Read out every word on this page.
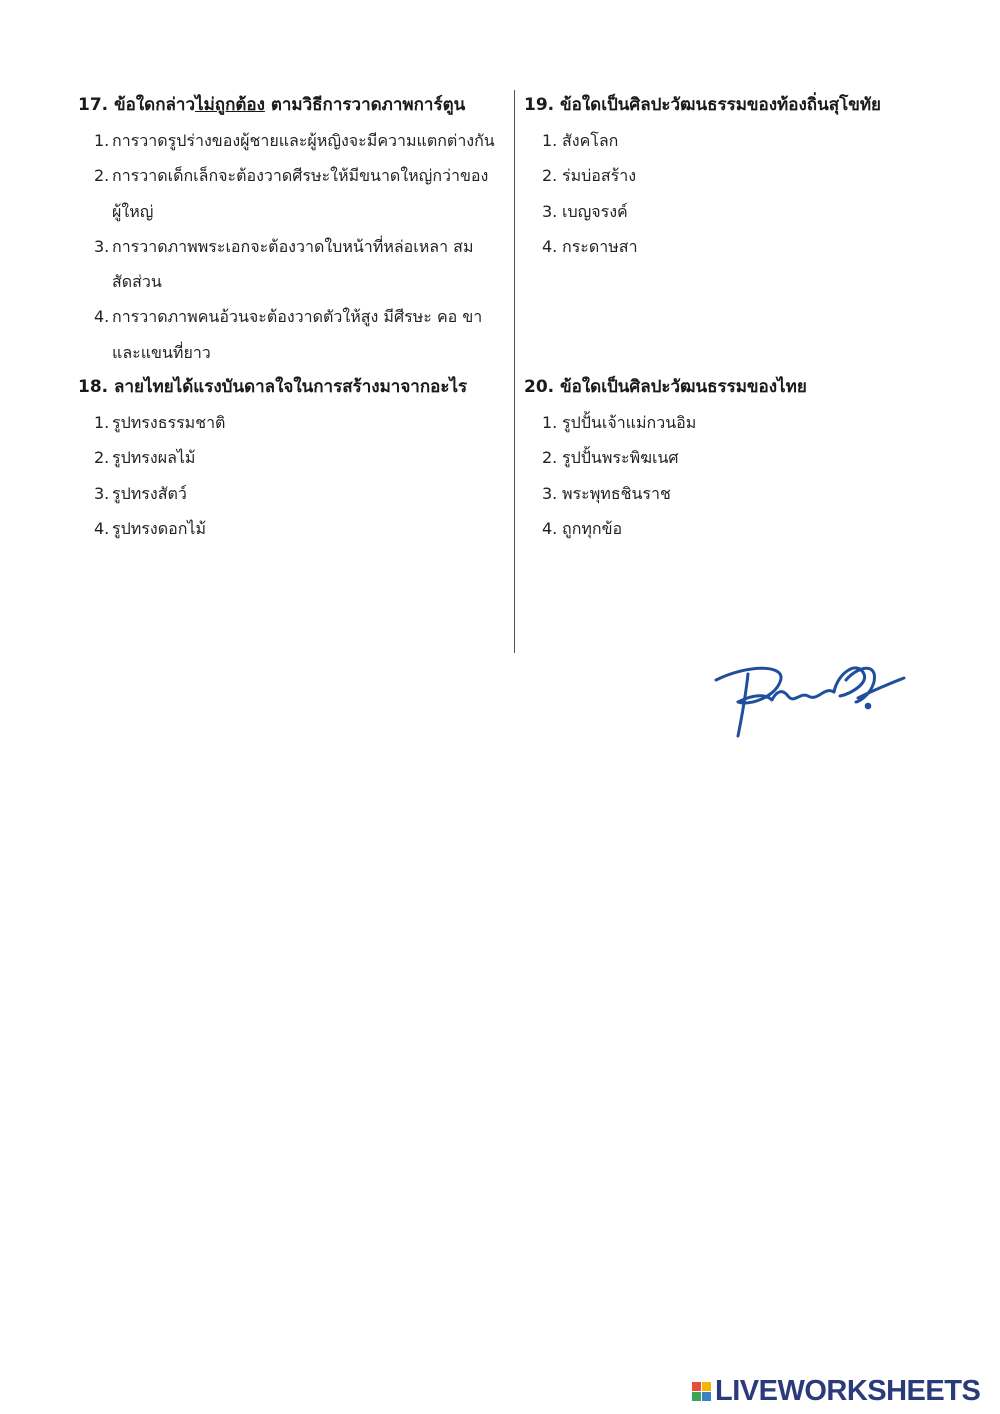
17. ข้อใดกล่าวไม่ถูกต้อง ตามวิธีการวาดภาพการ์ตูน
1. การวาดรูปร่างของผู้ชายและผู้หญิงจะมีความแตกต่างกัน
2. การวาดเด็กเล็กจะต้องวาดศีรษะให้มีขนาดใหญ่กว่าของผู้ใหญ่
3. การวาดภาพพระเอกจะต้องวาดใบหน้าที่หล่อเหลา สมสัดส่วน
4. การวาดภาพคนอ้วนจะต้องวาดตัวให้สูง มีศีรษะ คอ ขาและแขนที่ยาว
18. ลายไทยได้แรงบันดาลใจในการสร้างมาจากอะไร
1. รูปทรงธรรมชาติ
2. รูปทรงผลไม้
3. รูปทรงสัตว์
4. รูปทรงดอกไม้
19. ข้อใดเป็นศิลปะวัฒนธรรมของท้องถิ่นสุโขทัย
1. สังคโลก
2. ร่มบ่อสร้าง
3. เบญจรงค์
4. กระดาษสา
20. ข้อใดเป็นศิลปะวัฒนธรรมของไทย
1. รูปปั้นเจ้าแม่กวนอิม
2. รูปปั้นพระพิฆเนศ
3. พระพุทธชินราช
4. ถูกทุกข้อ
LIVEWORKSHEETS
